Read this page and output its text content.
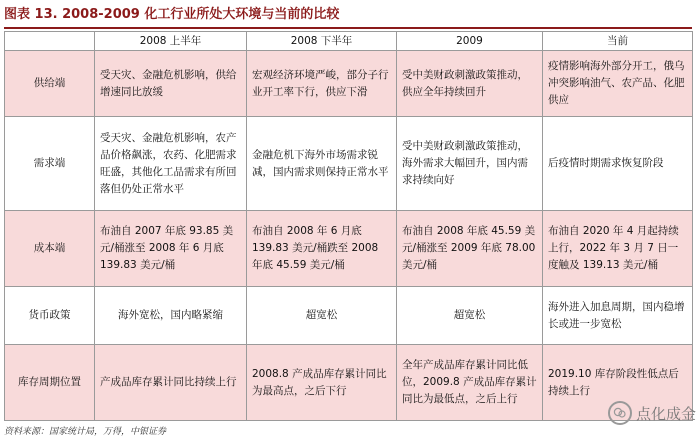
图表 13. 2008-2009 化工行业所处大环境与当前的比较
	2008 上半年	2008 下半年	2009	当前
供给端	受天灾、金融危机影响，供给增速同比放缓	宏观经济环境严峻，部分子行业开工率下行，供应下滑	受中美财政刺激政策推动，供应全年持续回升	疫情影响海外部分开工，俄乌冲突影响油气、农产品、化肥供应
需求端	受天灾、金融危机影响，农产品价格飙涨，农药、化肥需求旺盛，其他化工品需求有所回落但仍处正常水平	金融危机下海外市场需求锐减，国内需求则保持正常水平	受中美财政刺激政策推动，海外需求大幅回升，国内需求持续向好	后疫情时期需求恢复阶段
成本端	布油自 2007 年底 93.85 美元/桶涨至 2008 年 6 月底 139.83 美元/桶	布油自 2008 年 6 月底 139.83 美元/桶跌至 2008 年底 45.59 美元/桶	布油自 2008 年底 45.59 美元/桶涨至 2009 年底 78.00 美元/桶	布油自 2020 年 4 月起持续上行，2022 年 3 月 7 日一度触及 139.13 美元/桶
货币政策	海外宽松，国内略紧缩	超宽松	超宽松	海外进入加息周期，国内稳增长或进一步宽松
库存周期位置	产成品库存累计同比持续上行	2008.8 产成品库存累计同比为最高点，之后下行	全年产成品库存累计同比低位，2009.8 产成品库存累计同比为最低点，之后上行	2019.10 库存阶段性低点后持续上行
资料来源：国家统计局，万得，中银证券
点化成金
